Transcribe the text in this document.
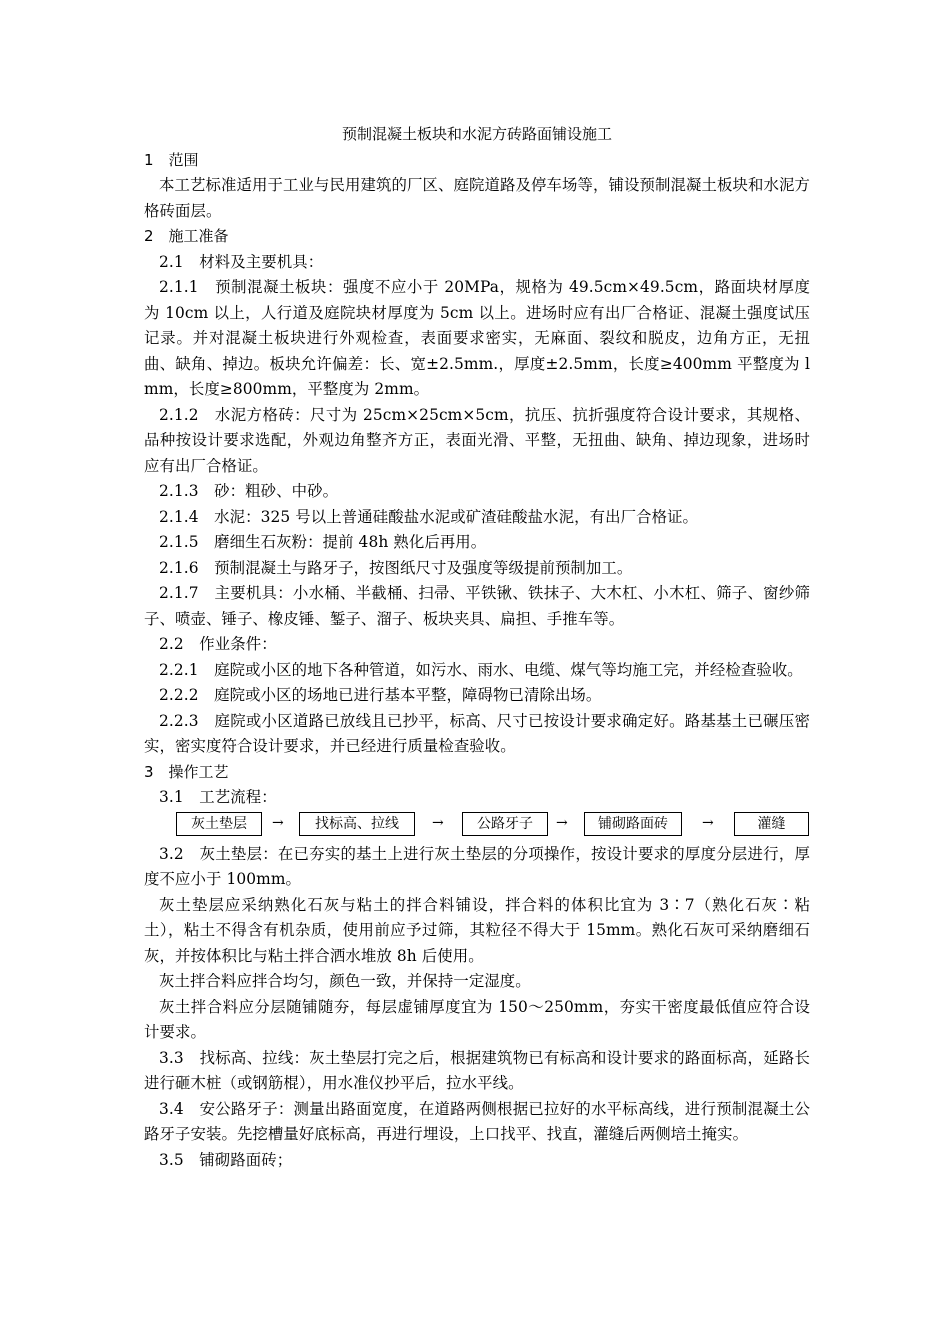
预制混凝土板块和水泥方砖路面铺设施工

1　范围

本工艺标准适用于工业与民用建筑的厂区、庭院道路及停车场等，铺设预制混凝土板块和水泥方格砖面层。

2　施工准备

2.1　材料及主要机具：

2.1.1　预制混凝土板块：强度不应小于 20MPa，规格为 49.5cm×49.5cm，路面块材厚度为 10cm 以上，人行道及庭院块材厚度为 5cm 以上。进场时应有出厂合格证、混凝土强度试压记录。并对混凝土板块进行外观检查，表面要求密实，无麻面、裂纹和脱皮，边角方正，无扭曲、缺角、掉边。板块允许偏差：长、宽±2.5mm.，厚度±2.5mm，长度≥400mm 平整度为 lmm，长度≥800mm，平整度为 2mm。

2.1.2　水泥方格砖：尺寸为 25cm×25cm×5cm，抗压、抗折强度符合设计要求，其规格、品种按设计要求选配，外观边角整齐方正，表面光滑、平整，无扭曲、缺角、掉边现象，进场时应有出厂合格证。

2.1.3　砂：粗砂、中砂。

2.1.4　水泥：325 号以上普通硅酸盐水泥或矿渣硅酸盐水泥，有出厂合格证。

2.1.5　磨细生石灰粉：提前 48h 熟化后再用。

2.1.6　预制混凝土与路牙子，按图纸尺寸及强度等级提前预制加工。

2.1.7　主要机具：小水桶、半截桶、扫帚、平铁锹、铁抹子、大木杠、小木杠、筛子、窗纱筛子、喷壶、锤子、橡皮锤、錾子、溜子、板块夹具、扁担、手推车等。

2.2　作业条件：

2.2.1　庭院或小区的地下各种管道，如污水、雨水、电缆、煤气等均施工完，并经检查验收。

2.2.2　庭院或小区的场地已进行基本平整，障碍物已清除出场。

2.2.3　庭院或小区道路已放线且已抄平，标高、尺寸已按设计要求确定好。路基基土已碾压密实，密实度符合设计要求，并已经进行质量检查验收。

3　操作工艺

3.1　工艺流程：

灰土垫层	→	找标高、拉线	→	公路牙子	→	铺砌路面砖	→	灌缝

3.2　灰土垫层：在已夯实的基土上进行灰土垫层的分项操作，按设计要求的厚度分层进行，厚度不应小于 100mm。

灰土垫层应采纳熟化石灰与粘土的拌合料铺设，拌合料的体积比宜为 3∶7（熟化石灰∶粘土），粘土不得含有机杂质，使用前应予过筛，其粒径不得大于 15mm。熟化石灰可采纳磨细石灰，并按体积比与粘土拌合洒水堆放 8h 后使用。

灰土拌合料应拌合均匀，颜色一致，并保持一定湿度。

灰土拌合料应分层随铺随夯，每层虚铺厚度宜为 150～250mm，夯实干密度最低值应符合设计要求。

3.3　找标高、拉线：灰土垫层打完之后，根据建筑物已有标高和设计要求的路面标高，延路长进行砸木桩（或钢筋棍），用水准仪抄平后，拉水平线。

3.4　安公路牙子：测量出路面宽度，在道路两侧根据已拉好的水平标高线，进行预制混凝土公路牙子安装。先挖槽量好底标高，再进行埋设，上口找平、找直，灌缝后两侧培土掩实。

3.5　铺砌路面砖；
